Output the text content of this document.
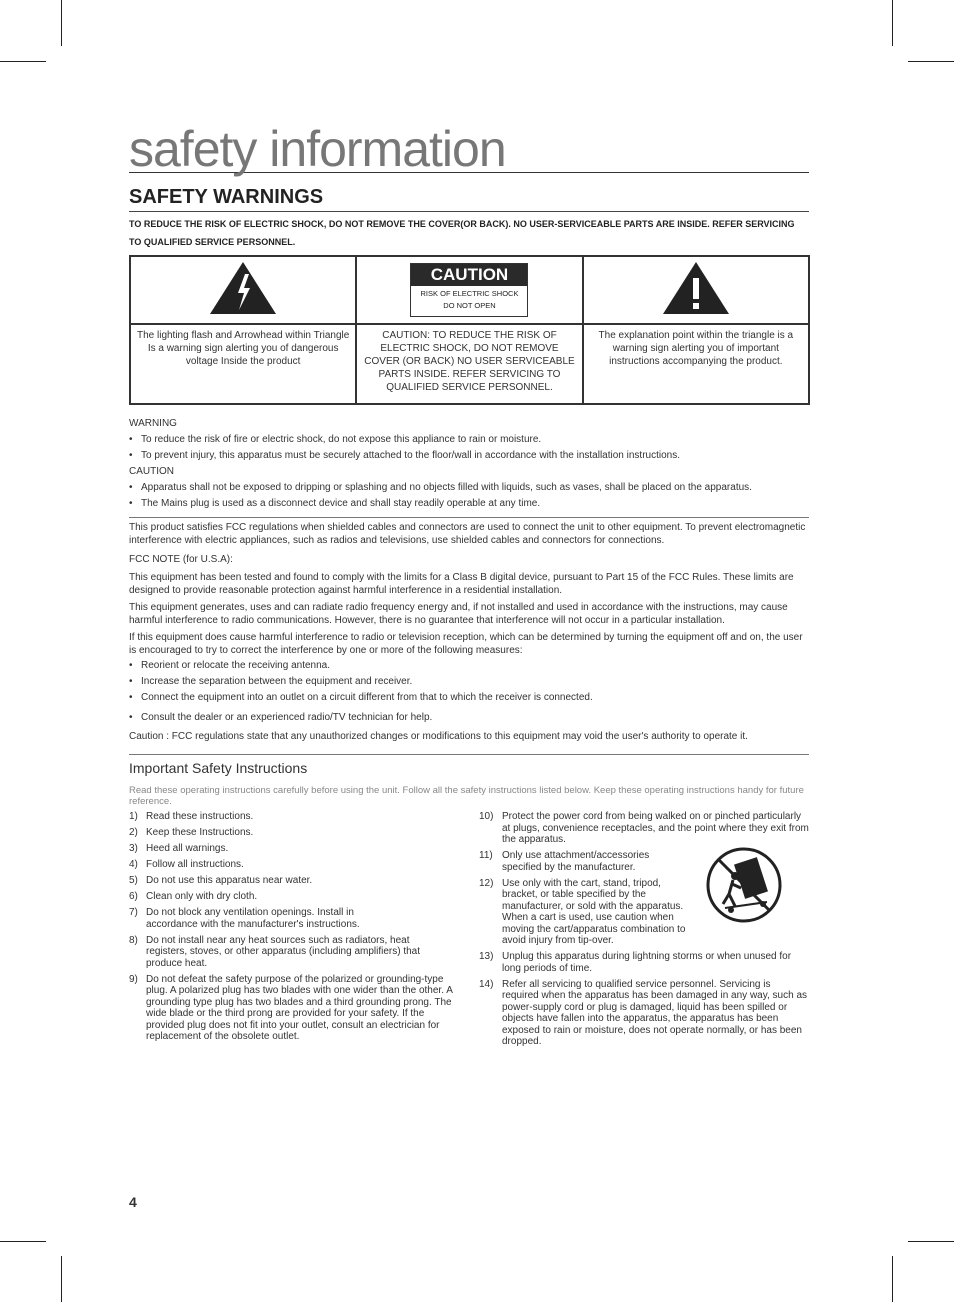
safety information
SAFETY WARNINGS
TO REDUCE THE RISK OF ELECTRIC SHOCK, DO NOT REMOVE THE COVER(OR BACK). NO USER-SERVICEABLE PARTS ARE INSIDE. REFER SERVICING TO QUALIFIED SERVICE PERSONNEL.

CAUTION
RISK OF ELECTRIC SHOCK
DO NOT OPEN

The lighting flash and Arrowhead within Triangle Is a warning sign alerting you of dangerous voltage Inside the product	CAUTION: TO REDUCE THE RISK OF ELECTRIC SHOCK, DO NOT REMOVE COVER (OR BACK) NO USER SERVICEABLE PARTS INSIDE. REFER SERVICING TO QUALIFIED SERVICE PERSONNEL.	The explanation point within the triangle is a warning sign alerting you of important instructions accompanying the product.
WARNING
• To reduce the risk of fire or electric shock, do not expose this appliance to rain or moisture.
• To prevent injury, this apparatus must be securely attached to the floor/wall in accordance with the installation instructions.
CAUTION
• Apparatus shall not be exposed to dripping or splashing and no objects filled with liquids, such as vases, shall be placed on the apparatus.
• The Mains plug is used as a disconnect device and shall stay readily operable at any time.
This product satisfies FCC regulations when shielded cables and connectors are used to connect the unit to other equipment. To prevent electromagnetic interference with electric appliances, such as radios and televisions, use shielded cables and connectors for connections.
FCC NOTE (for U.S.A):
This equipment has been tested and found to comply with the limits for a Class B digital device, pursuant to Part 15 of the FCC Rules. These limits are designed to provide reasonable protection against harmful interference in a residential installation.
This equipment generates, uses and can radiate radio frequency energy and, if not installed and used in accordance with the instructions, may cause harmful interference to radio communications. However, there is no guarantee that interference will not occur in a particular installation.
If this equipment does cause harmful interference to radio or television reception, which can be determined by turning the equipment off and on, the user is encouraged to try to correct the interference by one or more of the following measures:
• Reorient or relocate the receiving antenna.
• Increase the separation between the equipment and receiver.
• Connect the equipment into an outlet on a circuit different from that to which the receiver is connected.
• Consult the dealer or an experienced radio/TV technician for help.
Caution : FCC regulations state that any unauthorized changes or modifications to this equipment may void the user's authority to operate it.
Important Safety Instructions
Read these operating instructions carefully before using the unit. Follow all the safety instructions listed below. Keep these operating instructions handy for future reference.
1) Read these instructions.
2) Keep these Instructions.
3) Heed all warnings.
4) Follow all instructions.
5) Do not use this apparatus near water.
6) Clean only with dry cloth.
7) Do not block any ventilation openings. Install in accordance with the manufacturer's instructions.
8) Do not install near any heat sources such as radiators, heat registers, stoves, or other apparatus (including amplifiers) that produce heat.
9) Do not defeat the safety purpose of the polarized or grounding-type plug. A polarized plug has two blades with one wider than the other. A grounding type plug has two blades and a third grounding prong. The wide blade or the third prong are provided for your safety. If the provided plug does not fit into your outlet, consult an electrician for replacement of the obsolete outlet.
10) Protect the power cord from being walked on or pinched particularly at plugs, convenience receptacles, and the point where they exit from the apparatus.
11) Only use attachment/accessories specified by the manufacturer.
12) Use only with the cart, stand, tripod, bracket, or table specified by the manufacturer, or sold with the apparatus. When a cart is used, use caution when moving the cart/apparatus combination to avoid injury from tip-over.
13) Unplug this apparatus during lightning storms or when unused for long periods of time.
14) Refer all servicing to qualified service personnel. Servicing is required when the apparatus has been damaged in any way, such as power-supply cord or plug is damaged, liquid has been spilled or objects have fallen into the apparatus, the apparatus has been exposed to rain or moisture, does not operate normally, or has been dropped.
4
